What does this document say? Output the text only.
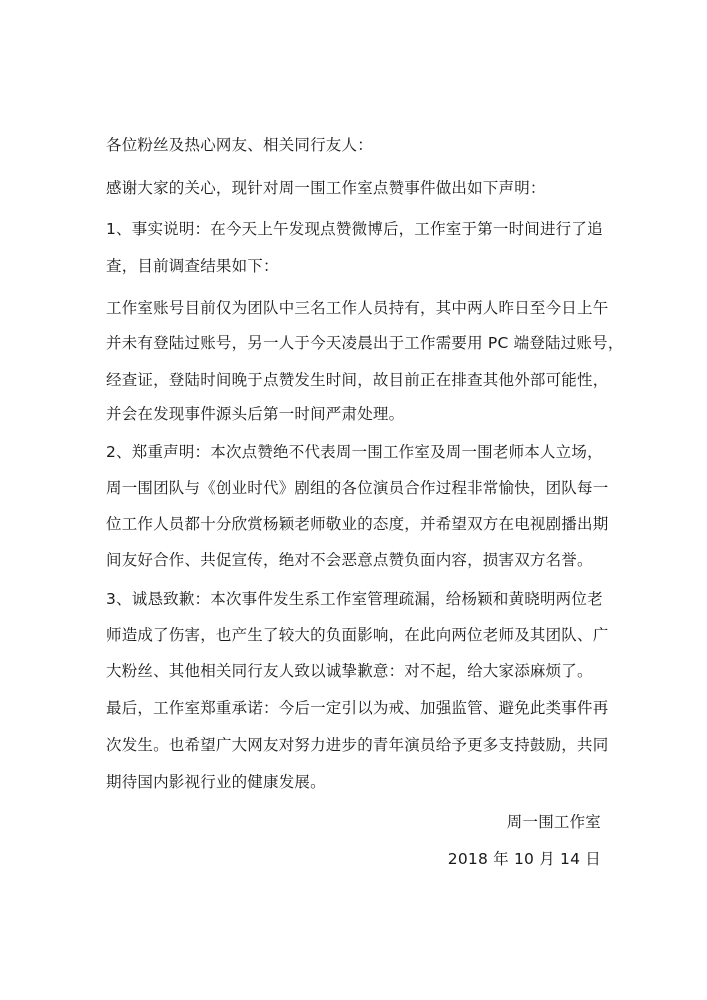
各位粉丝及热心网友、相关同行友人：
感谢大家的关心，现针对周一围工作室点赞事件做出如下声明：
1、事实说明：在今天上午发现点赞微博后，工作室于第一时间进行了追
查，目前调查结果如下：
工作室账号目前仅为团队中三名工作人员持有，其中两人昨日至今日上午
并未有登陆过账号，另一人于今天凌晨出于工作需要用 PC 端登陆过账号，
经查证，登陆时间晚于点赞发生时间，故目前正在排查其他外部可能性，
并会在发现事件源头后第一时间严肃处理。
2、郑重声明：本次点赞绝不代表周一围工作室及周一围老师本人立场，
周一围团队与《创业时代》剧组的各位演员合作过程非常愉快，团队每一
位工作人员都十分欣赏杨颖老师敬业的态度，并希望双方在电视剧播出期
间友好合作、共促宣传，绝对不会恶意点赞负面内容，损害双方名誉。
3、诚恳致歉：本次事件发生系工作室管理疏漏，给杨颖和黄晓明两位老
师造成了伤害，也产生了较大的负面影响，在此向两位老师及其团队、广
大粉丝、其他相关同行友人致以诚挚歉意：对不起，给大家添麻烦了。
最后，工作室郑重承诺：今后一定引以为戒、加强监管、避免此类事件再
次发生。也希望广大网友对努力进步的青年演员给予更多支持鼓励，共同
期待国内影视行业的健康发展。
周一围工作室
2018 年 10 月 14 日
